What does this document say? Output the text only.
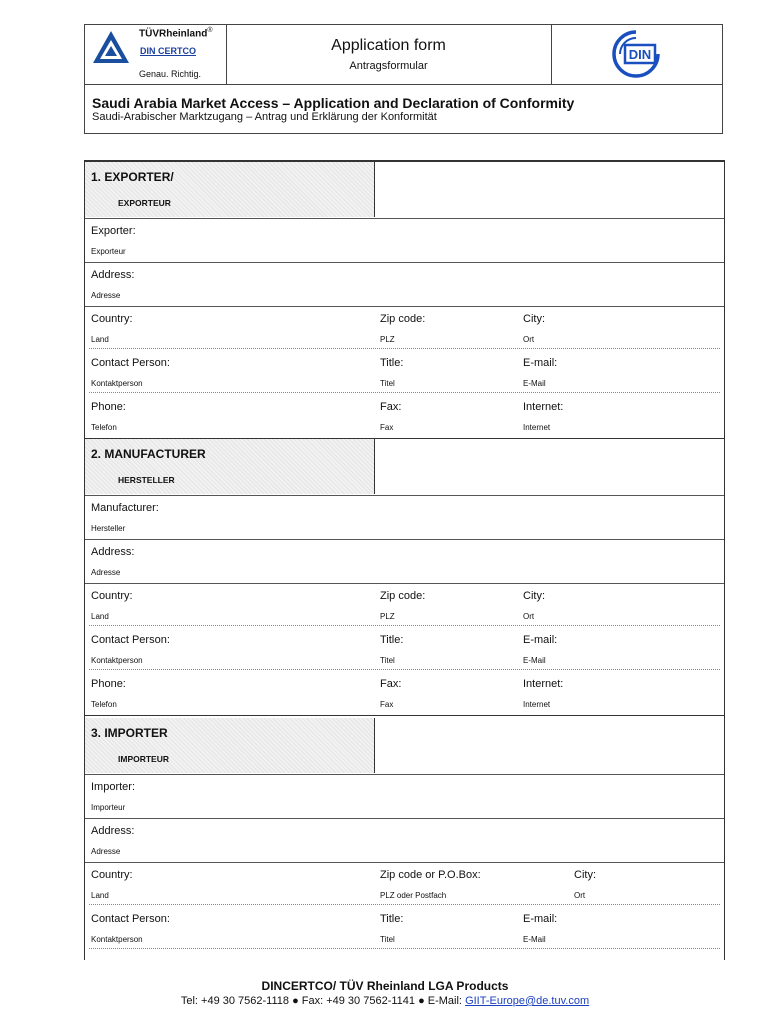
TÜVRheinland®
DIN CERTCO
Genau. Richtig.
Application form
Antragsformular
DIN
Saudi Arabia Market Access – Application and Declaration of Conformity
Saudi-Arabischer Marktzugang – Antrag und Erklärung der Konformität
1. EXPORTER/
EXPORTEUR
Exporter:
Exporteur
Address:
Adresse
Country:
Land
Zip code:
PLZ
City:
Ort
Contact Person:
Kontaktperson
Title:
Titel
E-mail:
E-Mail
Phone:
Telefon
Fax:
Fax
Internet:
Internet
2. MANUFACTURER
HERSTELLER
Manufacturer:
Hersteller
Address:
Adresse
Country:
Land
Zip code:
PLZ
City:
Ort
Contact Person:
Kontaktperson
Title:
Titel
E-mail:
E-Mail
Phone:
Telefon
Fax:
Fax
Internet:
Internet
3. IMPORTER
IMPORTEUR
Importer:
Importeur
Address:
Adresse
Country:
Land
Zip code or P.O.Box:
PLZ oder Postfach
City:
Ort
Contact Person:
Kontaktperson
Title:
Titel
E-mail:
E-Mail
DINCERTCO/ TÜV Rheinland LGA Products
Tel: +49 30 7562-1118 ● Fax: +49 30 7562-1141 ● E-Mail: GIIT-Europe@de.tuv.com
